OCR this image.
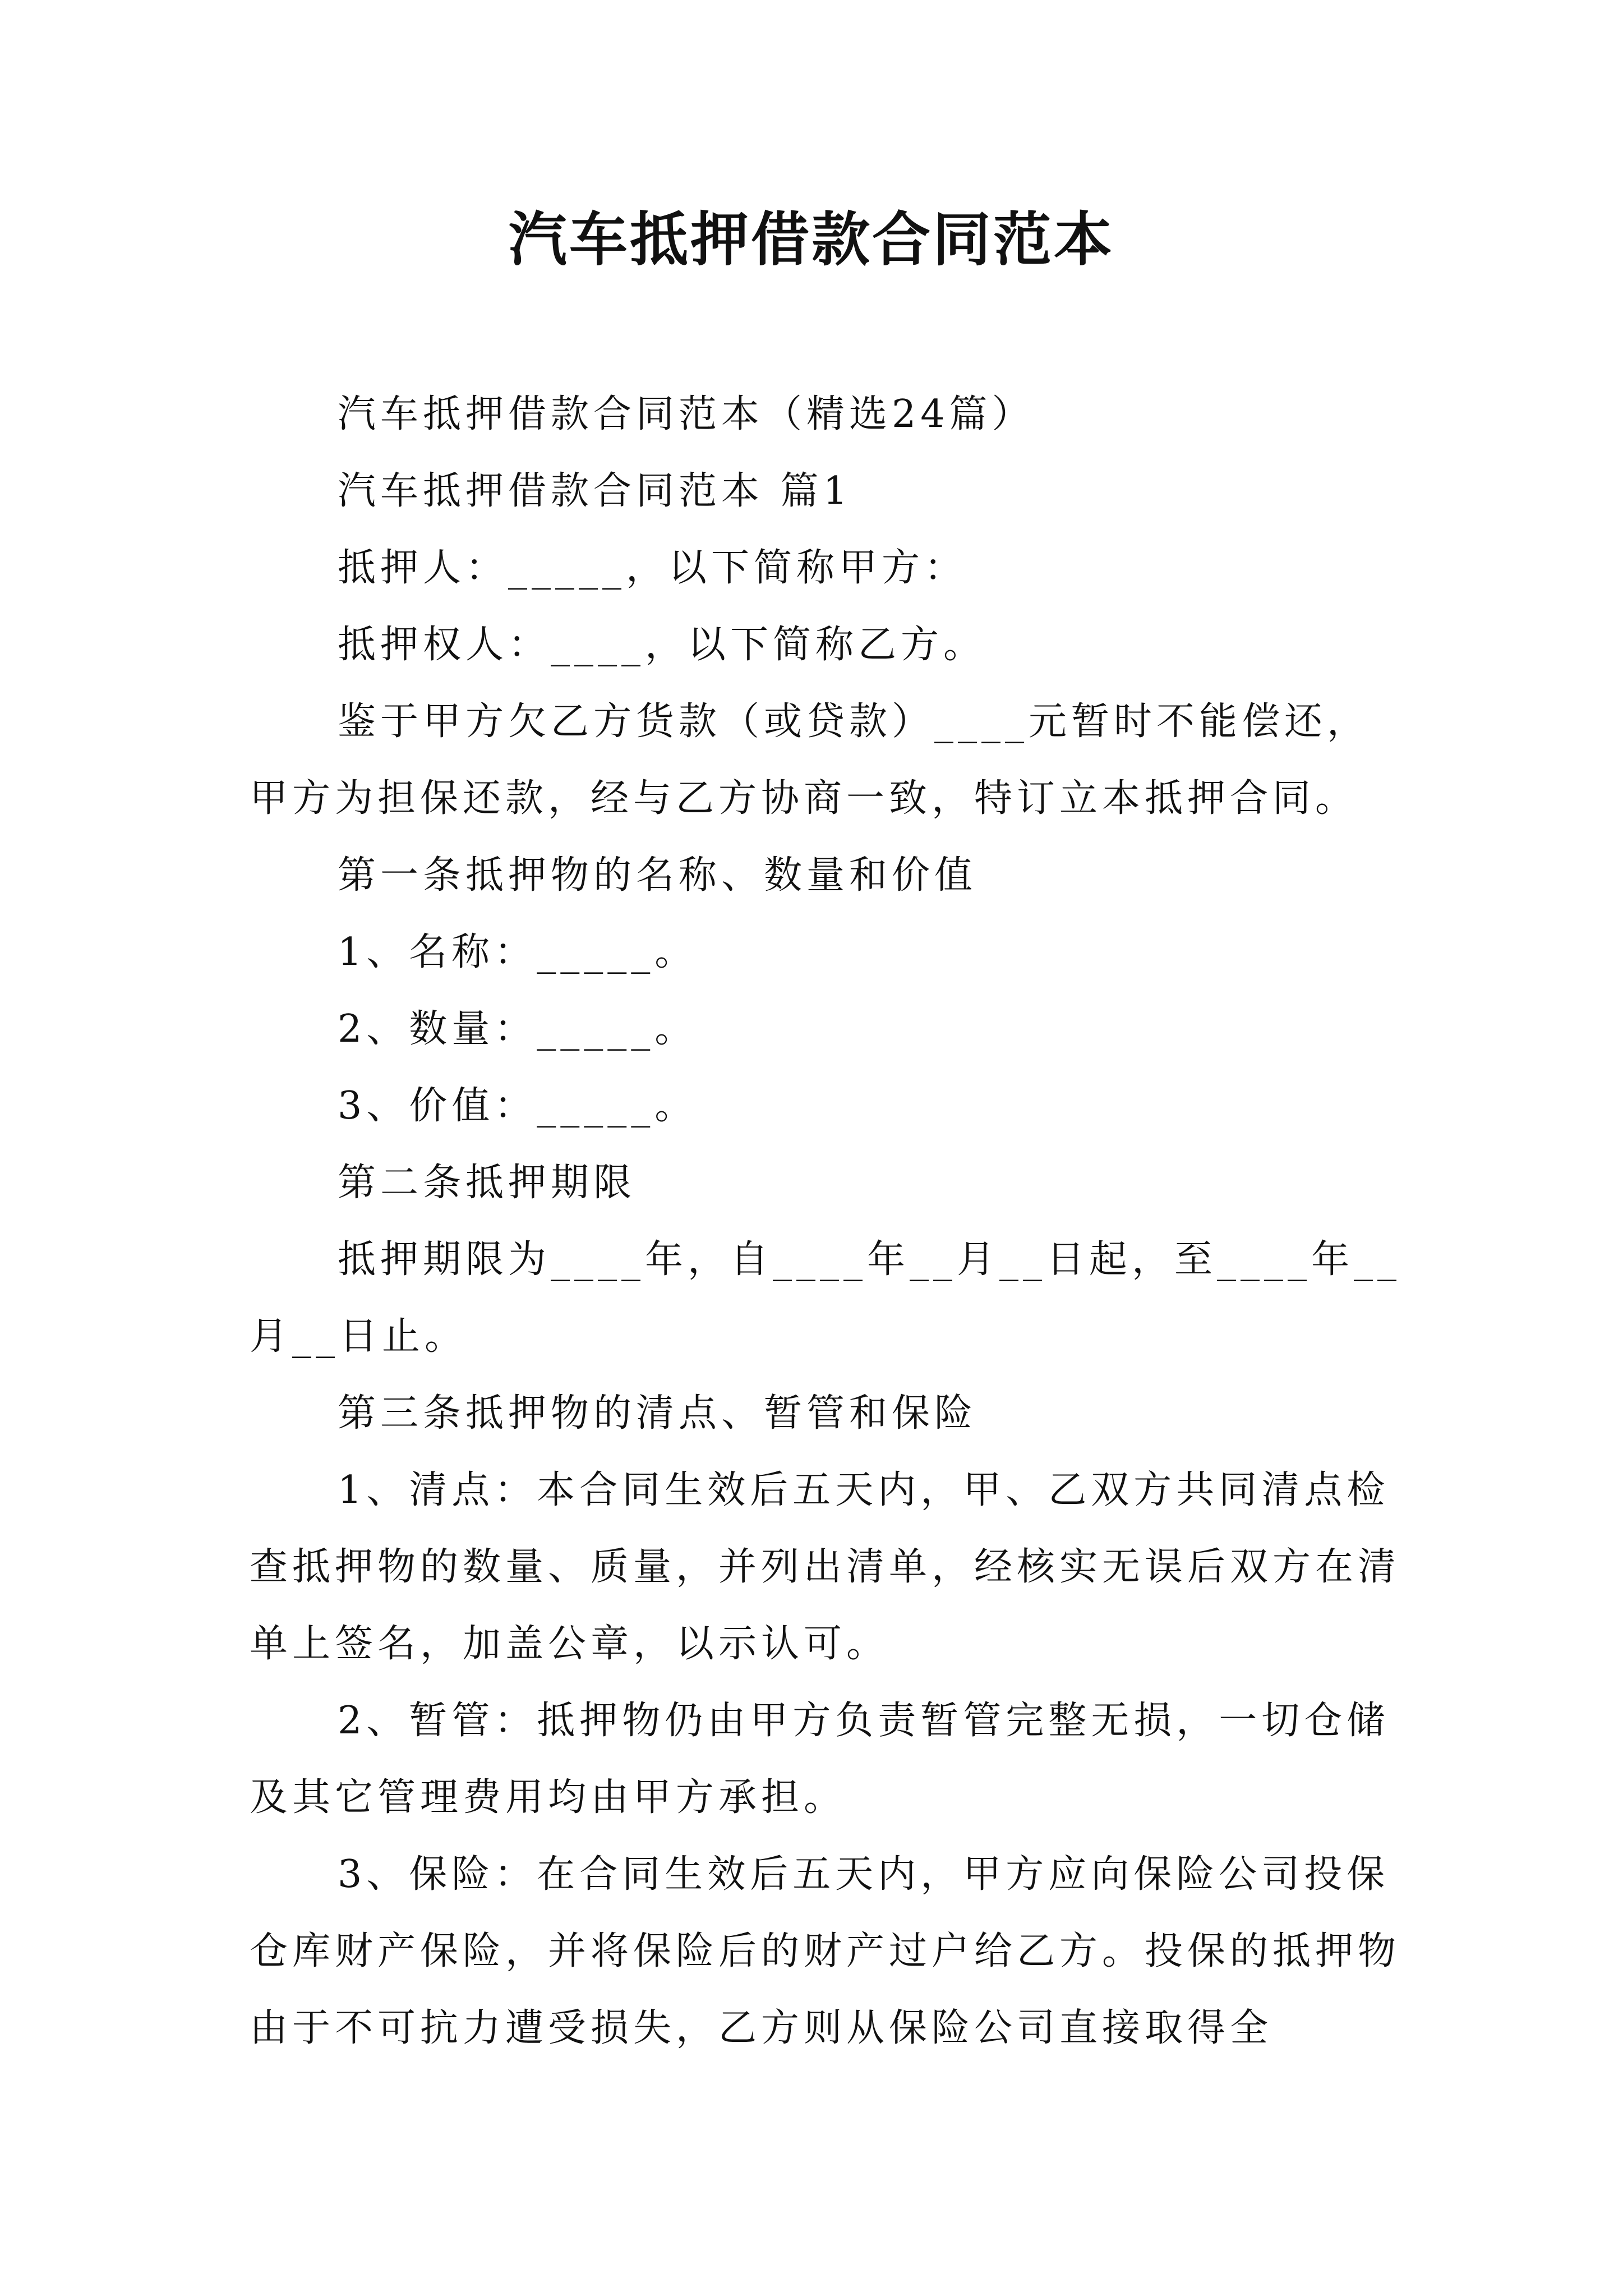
汽车抵押借款合同范本

汽车抵押借款合同范本（精选24篇）

汽车抵押借款合同范本 篇1

抵押人：_____，以下简称甲方：

抵押权人：____，以下简称乙方。

鉴于甲方欠乙方货款（或贷款）____元暂时不能偿还，甲方为担保还款，经与乙方协商一致，特订立本抵押合同。

第一条抵押物的名称、数量和价值

1、名称：_____。

2、数量：_____。

3、价值：_____。

第二条抵押期限

抵押期限为____年，自____年__月__日起，至____年__月__日止。

第三条抵押物的清点、暂管和保险

1、清点：本合同生效后五天内，甲、乙双方共同清点检查抵押物的数量、质量，并列出清单，经核实无误后双方在清单上签名，加盖公章，以示认可。

2、暂管：抵押物仍由甲方负责暂管完整无损，一切仓储及其它管理费用均由甲方承担。

3、保险：在合同生效后五天内，甲方应向保险公司投保仓库财产保险，并将保险后的财产过户给乙方。投保的抵押物由于不可抗力遭受损失，乙方则从保险公司直接取得全
